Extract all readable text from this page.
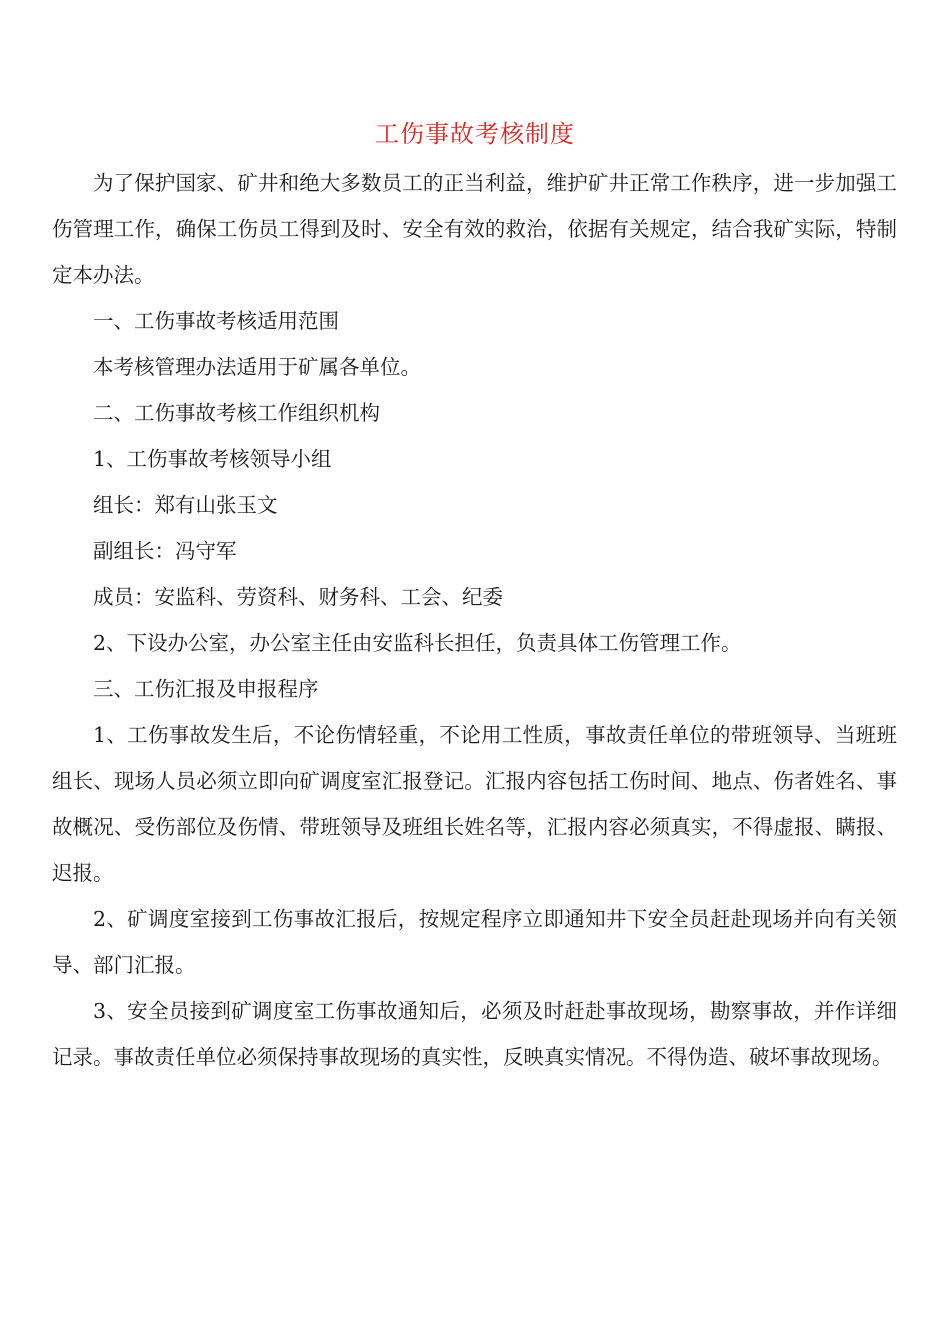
工伤事故考核制度

为了保护国家、矿井和绝大多数员工的正当利益，维护矿井正常工作秩序，进一步加强工伤管理工作，确保工伤员工得到及时、安全有效的救治，依据有关规定，结合我矿实际，特制定本办法。

一、工伤事故考核适用范围

本考核管理办法适用于矿属各单位。

二、工伤事故考核工作组织机构

1、工伤事故考核领导小组

组长：郑有山张玉文

副组长：冯守军

成员：安监科、劳资科、财务科、工会、纪委

2、下设办公室，办公室主任由安监科长担任，负责具体工伤管理工作。

三、工伤汇报及申报程序

1、工伤事故发生后，不论伤情轻重，不论用工性质，事故责任单位的带班领导、当班班组长、现场人员必须立即向矿调度室汇报登记。汇报内容包括工伤时间、地点、伤者姓名、事故概况、受伤部位及伤情、带班领导及班组长姓名等，汇报内容必须真实，不得虚报、瞒报、迟报。

2、矿调度室接到工伤事故汇报后，按规定程序立即通知井下安全员赶赴现场并向有关领导、部门汇报。

3、安全员接到矿调度室工伤事故通知后，必须及时赶赴事故现场，勘察事故，并作详细记录。事故责任单位必须保持事故现场的真实性，反映真实情况。不得伪造、破坏事故现场。
